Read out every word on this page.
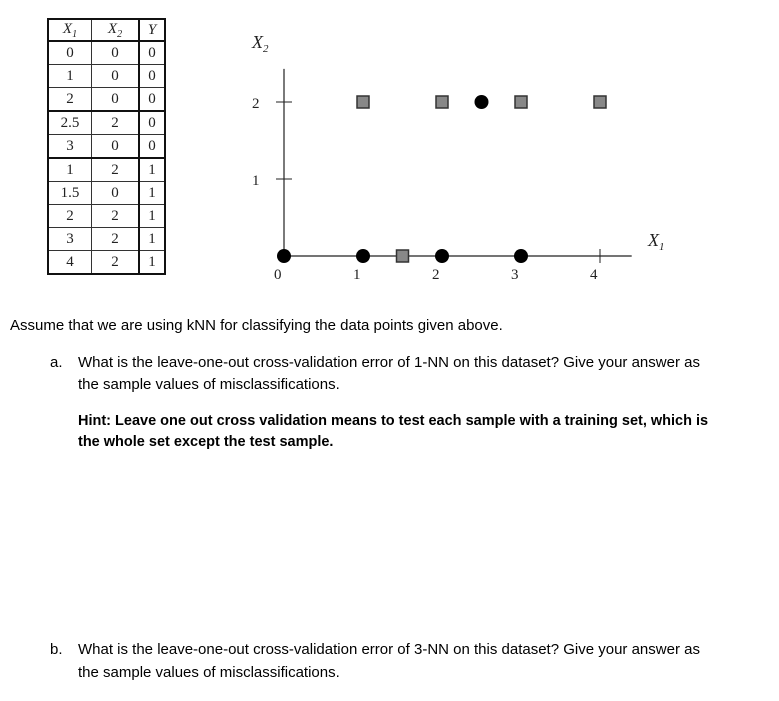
$X_1$	$X_2$	Y
0	0	0
1	0	0
2	0	0
2.5	2	0
3	0	0
1	2	1
1.5	0	1
2	2	1
3	2	1
4	2	1
0	1	2	3	4
1
2
$X_2$
$X_1$
Assume that we are using kNN for classifying the data points given above.
a. What is the leave-one-out cross-validation error of 1-NN on this dataset? Give your answer as
the sample values of misclassifications.
Hint: Leave one out cross validation means to test each sample with a training set, which is
the whole set except the test sample.
b. What is the leave-one-out cross-validation error of 3-NN on this dataset? Give your answer as
the sample values of misclassifications.
